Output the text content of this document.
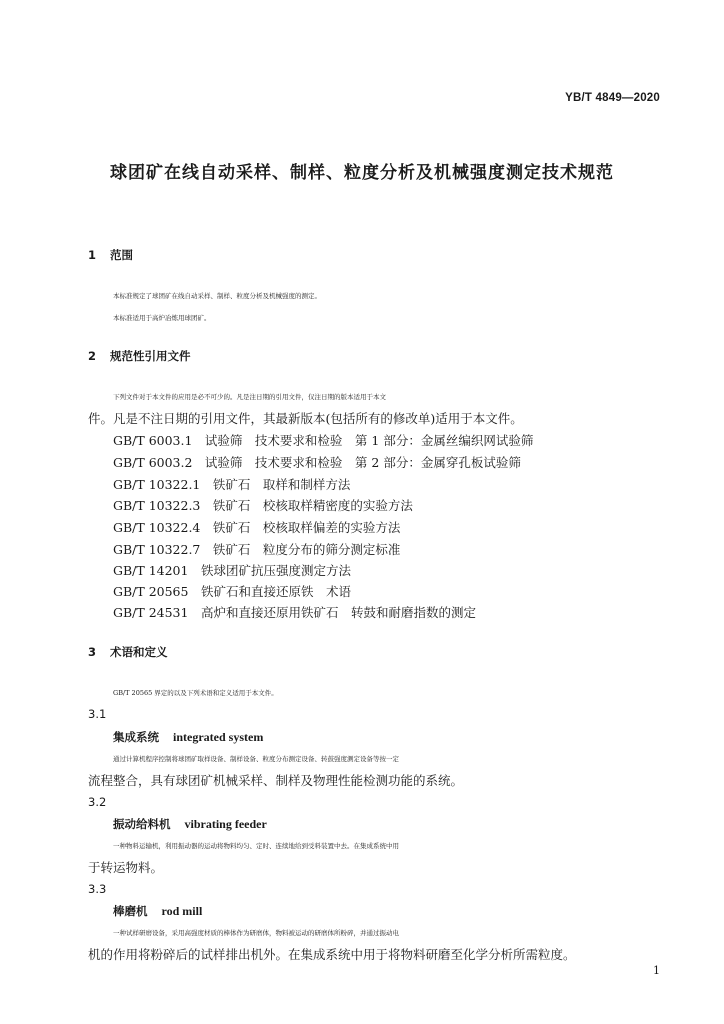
YB/T 4849—2020
球团矿在线自动采样、制样、粒度分析及机械强度测定技术规范
1 范围
本标准规定了球团矿在线自动采样、制样、粒度分析及机械强度的测定。
本标准适用于高炉冶炼用球团矿。
2 规范性引用文件
下列文件对于本文件的应用是必不可少的。凡是注日期的引用文件，仅注日期的版本适用于本文
件。凡是不注日期的引用文件，其最新版本(包括所有的修改单)适用于本文件。
GB/T 6003.1　试验筛　技术要求和检验　第 1 部分：金属丝编织网试验筛
GB/T 6003.2　试验筛　技术要求和检验　第 2 部分：金属穿孔板试验筛
GB/T 10322.1　铁矿石　取样和制样方法
GB/T 10322.3　铁矿石　校核取样精密度的实验方法
GB/T 10322.4　铁矿石　校核取样偏差的实验方法
GB/T 10322.7　铁矿石　粒度分布的筛分测定标准
GB/T 14201　铁球团矿抗压强度测定方法
GB/T 20565　铁矿石和直接还原铁　术语
GB/T 24531　高炉和直接还原用铁矿石　转鼓和耐磨指数的测定
3 术语和定义
GB/T 20565 界定的以及下列术语和定义适用于本文件。
3.1
集成系统 integrated system
通过计算机程序控制将球团矿取样设备、制样设备、粒度分布测定设备、转鼓强度测定设备等按一定
流程整合，具有球团矿机械采样、制样及物理性能检测功能的系统。
3.2
振动给料机 vibrating feeder
一种物料运输机，利用振动器的运动将物料均匀、定时、连续地给到受料装置中去。在集成系统中用
于转运物料。
3.3
棒磨机 rod mill
一种试样研磨设备，采用高强度材质的棒体作为研磨体，物料被运动的研磨体所粉碎，并通过振动电
机的作用将粉碎后的试样排出机外。在集成系统中用于将物料研磨至化学分析所需粒度。
1
